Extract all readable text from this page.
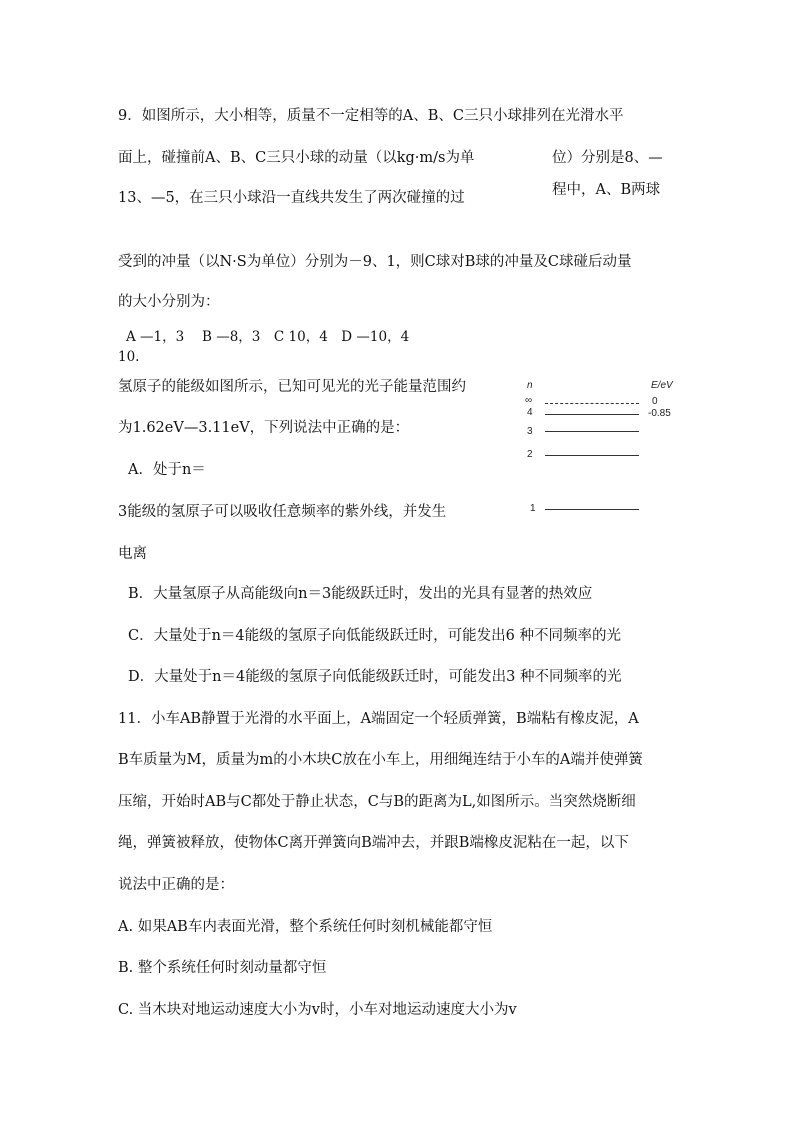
9．如图所示，大小相等，质量不一定相等的A、B、C三只小球排列在光滑水平
面上，碰撞前A、B、C三只小球的动量（以kg·m/s为单	位）分别是8、—
13、—5，在三只小球沿一直线共发生了两次碰撞的过	程中，A、B两球
受到的冲量（以N·S为单位）分别为－9、1，则C球对B球的冲量及C球碰后动量
的大小分别为：
A —1，3　 B —8，3　C 10，4　D —10，4
10.
氢原子的能级如图所示，已知可见光的光子能量范围约
为1.62eV—3.11eV，下列说法中正确的是：
A．处于n＝
3能级的氢原子可以吸收任意频率的紫外线，并发生
电离
B．大量氢原子从高能级向n＝3能级跃迁时，发出的光具有显著的热效应
C．大量处于n＝4能级的氢原子向低能级跃迁时，可能发出6 种不同频率的光
D．大量处于n＝4能级的氢原子向低能级跃迁时，可能发出3 种不同频率的光
n	E/eV
∞	0
4	-0.85
3
2
1
11．小车AB静置于光滑的水平面上，A端固定一个轻质弹簧，B端粘有橡皮泥，A
B车质量为M，质量为m的小木块C放在小车上，用细绳连结于小车的A端并使弹簧
压缩，开始时AB与C都处于静止状态，C与B的距离为L,如图所示。当突然烧断细
绳，弹簧被释放，使物体C离开弹簧向B端冲去，并跟B端橡皮泥粘在一起，以下
说法中正确的是：
A. 如果AB车内表面光滑，整个系统任何时刻机械能都守恒
B. 整个系统任何时刻动量都守恒
C. 当木块对地运动速度大小为v时，小车对地运动速度大小为v
